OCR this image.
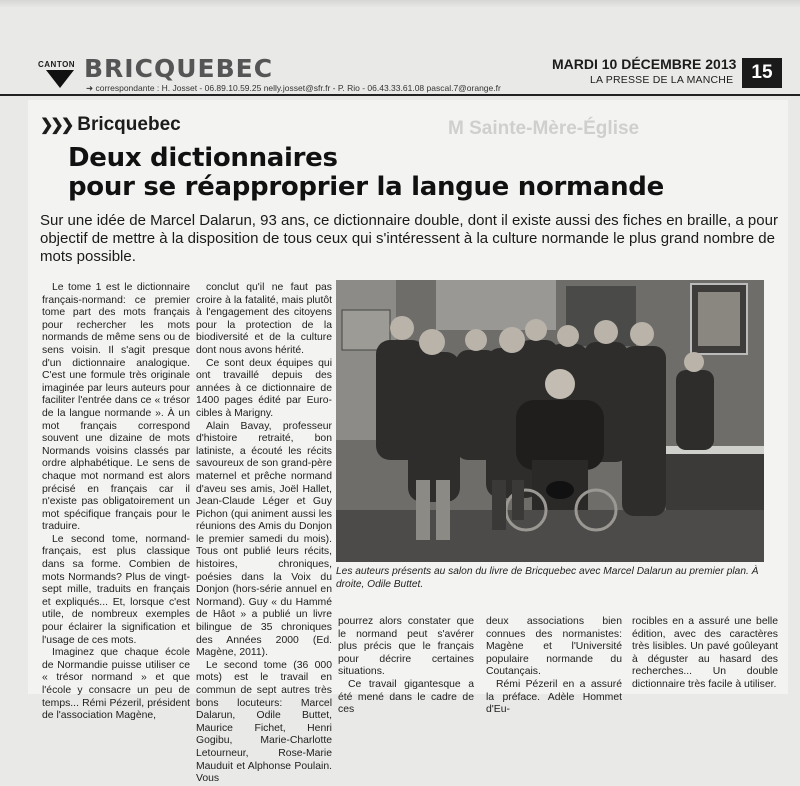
CANTON BRICQUEBEC
➜ correspondante : H. Josset - 06.89.10.59.25 nelly.josset@sfr.fr - P. Rio - 06.43.33.61.08 pascal.7@orange.fr
MARDI 10 DÉCEMBRE 2013
LA PRESSE DE LA MANCHE 15
M Sainte-Mère-Église
❯❯❯ Bricquebec
Deux dictionnaires
pour se réapproprier la langue normande
Sur une idée de Marcel Dalarun, 93 ans, ce dictionnaire double, dont il existe aussi des fiches en braille, a pour objectif de mettre à la disposition de tous ceux qui s'intéressent à la culture normande le plus grand nombre de mots possible.

Le tome 1 est le dictionnaire français-normand: ce premier tome part des mots français pour rechercher les mots normands de même sens ou de sens voisin. Il s'agit presque d'un dictionnaire analogique. C'est une formule très originale imaginée par leurs auteurs pour faciliter l'entrée dans ce « trésor de la langue normande ». À un mot français correspond souvent une dizaine de mots Normands voisins classés par ordre alphabétique. Le sens de chaque mot normand est alors précisé en français car il n'existe pas obligatoirement un mot spécifique français pour le traduire.

Le second tome, normand-français, est plus classique dans sa forme. Combien de mots Normands? Plus de vingt-sept mille, traduits en français et expliqués... Et, lorsque c'est utile, de nombreux exemples pour éclairer la signification et l'usage de ces mots.

Imaginez que chaque école de Normandie puisse utiliser ce « trésor normand » et que l'école y consacre un peu de temps... Rémi Pézeril, président de l'association Magène,

conclut qu'il ne faut pas croire à la fatalité, mais plutôt à l'engagement des citoyens pour la protection de la biodiversité et de la culture dont nous avons hérité.

Ce sont deux équipes qui ont travaillé depuis des années à ce dictionnaire de 1400 pages édité par Euro-cibles à Marigny.

Alain Bavay, professeur d'histoire retraité, bon latiniste, a écouté les récits savoureux de son grand-père maternel et prêche normand d'aveu ses amis, Joël Hallet, Jean-Claude Léger et Guy Pichon (qui animent aussi les réunions des Amis du Donjon le premier samedi du mois). Tous ont publié leurs récits, histoires, chroniques, poésies dans la Voix du Donjon (hors-série annuel en Normand). Guy « du Hammé de Hâot » a publié un livre bilingue de 35 chroniques des Années 2000 (Ed. Magène, 2011).

Le second tome (36 000 mots) est le travail en commun de sept autres très bons locuteurs: Marcel Dalarun, Odile Buttet, Maurice Fichet, Henri Gogibu, Marie-Charlotte Letourneur, Rose-Marie Mauduit et Alphonse Poulain. Vous

Les auteurs présents au salon du livre de Bricquebec avec Marcel Dalarun au premier plan. À droite, Odile Buttet.

pourrez alors constater que le normand peut s'avérer plus précis que le français pour décrire certaines situations.

Ce travail gigantesque a été mené dans le cadre de ces

deux associations bien connues des normanistes: Magène et l'Université populaire normande du Coutançais.

Rémi Pézeril en a assuré la préface. Adèle Hommet d'Eu-

rocibles en a assuré une belle édition, avec des caractères très lisibles. Un pavé goûleyant à déguster au hasard des recherches... Un double dictionnaire très facile à utiliser.
